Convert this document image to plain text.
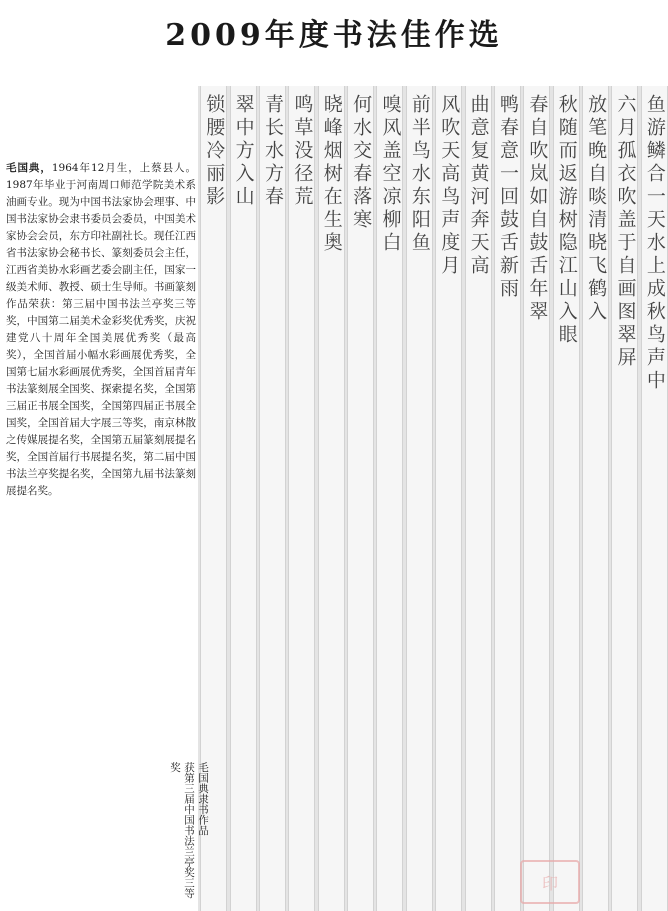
2009年度书法佳作选
毛国典，1964年12月生，上蔡县人。1987年毕业于河南周口师范学院美术系油画专业。现为中国书法家协会理事、中国书法家协会隶书委员会委员，中国美术家协会会员，东方印社副社长。现任江西省书法家协会秘书长、篆刻委员会主任，江西省美协水彩画艺委会副主任，国家一级美术师、教授、硕士生导师。书画篆刻作品荣获：第三届中国书法兰亭奖三等奖，中国第二届美术金彩奖优秀奖，庆祝建党八十周年全国美展优秀奖（最高奖），全国首届小幅水彩画展优秀奖，全国第七届水彩画展优秀奖，全国首届青年书法篆刻展全国奖、探索提名奖，全国第三届正书展全国奖，全国第四届正书展全国奖，全国首届大字展三等奖，南京林散之传媒展提名奖，全国第五届篆刻展提名奖，全国首届行书展提名奖，第二届中国书法兰亭奖提名奖，全国第九届书法篆刻展提名奖。
鱼游鳞合一天水上成秋鸟声中
六月孤衣吹盖于自画图翠屏
放笔晚自啖清晓飞鹤入
秋随而返游树隐江山入眼
春自吹岚如自鼓舌年翠
鸭春意一回鼓舌新雨
曲意复黄河奔天高
风吹天高鸟声度月
前半鸟水东阳鱼
嗅风盖空凉柳白
何水交春落寒
晓峰烟树在生奥
鸣草没径荒
青长水方春
翠中方入山
锁腰冷丽影
毛国典隶书作品
获第三届中国书法兰亭奖三等奖
印
